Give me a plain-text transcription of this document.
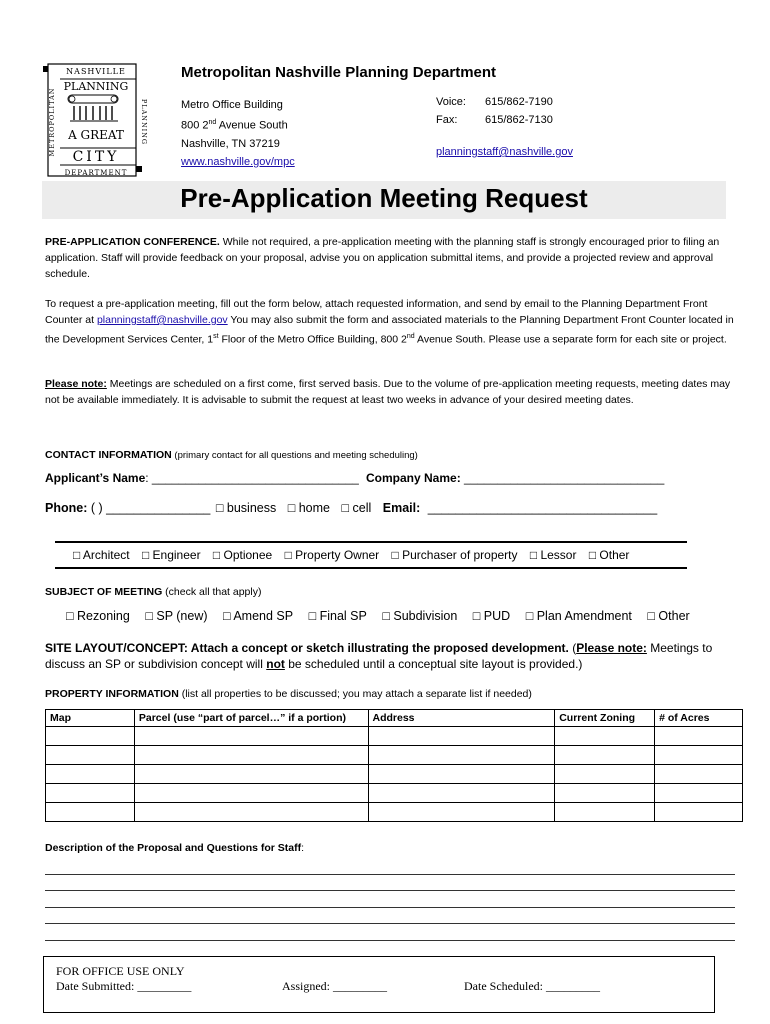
NASHVILLE
PLANNING
A GREAT
CITY
DEPARTMENT
METROPOLITAN	PLANNING
Metropolitan Nashville Planning Department
Metro Office Building
800 2nd Avenue South
Nashville, TN 37219
www.nashville.gov/mpc
Voice: 615/862-7190
Fax:	615/862-7130
planningstaff@nashville.gov
Pre-Application Meeting Request
PRE-APPLICATION CONFERENCE. While not required, a pre-application meeting with the planning staff is strongly encouraged prior to filing an application. Staff will provide feedback on your proposal, advise you on application submittal items, and provide a projected review and approval schedule.
To request a pre-application meeting, fill out the form below, attach requested information, and send by email to the Planning Department Front Counter at planningstaff@nashville.gov You may also submit the form and associated materials to the Planning Department Front Counter located in the Development Services Center, 1st Floor of the Metro Office Building, 800 2nd Avenue South. Please use a separate form for each site or project.
Please note: Meetings are scheduled on a first come, first served basis. Due to the volume of pre-application meeting requests, meeting dates may not be available immediately. It is advisable to submit the request at least two weeks in advance of your desired meeting dates.
CONTACT INFORMATION (primary contact for all questions and meeting scheduling)
Applicant’s Name: _______________________________ Company Name: ______________________________
Phone: ( ) _______________ □ business □ home □ cell Email: _________________________________
□ Architect □ Engineer □ Optionee □ Property Owner □ Purchaser of property □ Lessor □ Other
SUBJECT OF MEETING (check all that apply)
□ Rezoning □ SP (new) □ Amend SP □ Final SP □ Subdivision □ PUD □ Plan Amendment □ Other
SITE LAYOUT/CONCEPT: Attach a concept or sketch illustrating the proposed development. (Please note: Meetings to discuss an SP or subdivision concept will not be scheduled until a conceptual site layout is provided.)
PROPERTY INFORMATION (list all properties to be discussed; you may attach a separate list if needed)
Map	Parcel (use “part of parcel…” if a portion)	Address	Current Zoning	# of Acres

Description of the Proposal and Questions for Staff:
FOR OFFICE USE ONLY
Date Submitted: _________	Assigned: _________	Date Scheduled: _________
